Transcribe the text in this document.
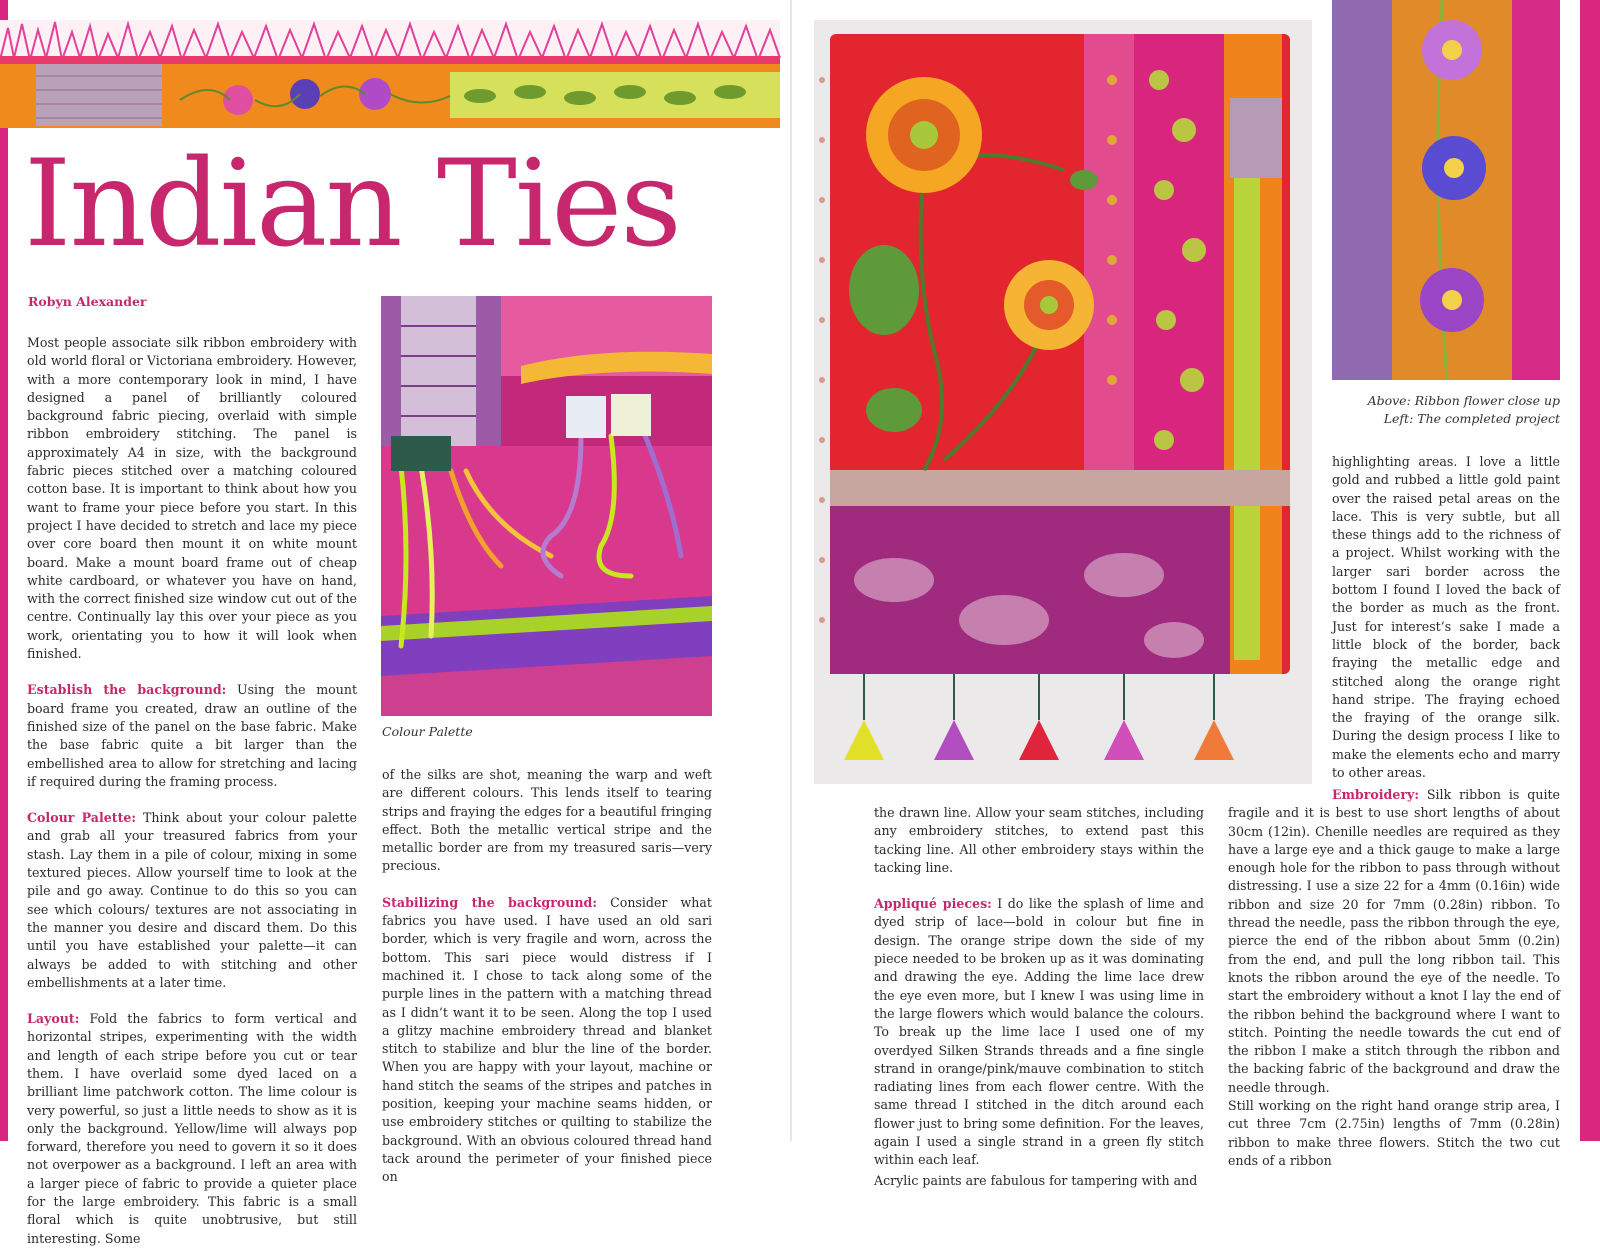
Indian Ties
Robyn Alexander

Most people associate silk ribbon embroidery with old world floral or Victoriana embroidery. However, with a more contemporary look in mind, I have designed a panel of brilliantly coloured background fabric piecing, overlaid with simple ribbon embroidery stitching. The panel is approximately A4 in size, with the background fabric pieces stitched over a matching coloured cotton base. It is important to think about how you want to frame your piece before you start. In this project I have decided to stretch and lace my piece over core board then mount it on white mount board. Make a mount board frame out of cheap white cardboard, or whatever you have on hand, with the correct finished size window cut out of the centre. Continually lay this over your piece as you work, orientating you to how it will look when finished.

Establish the background: Using the mount board frame you created, draw an outline of the finished size of the panel on the base fabric. Make the base fabric quite a bit larger than the embellished area to allow for stretching and lacing if required during the framing process.

Colour Palette: Think about your colour palette and grab all your treasured fabrics from your stash. Lay them in a pile of colour, mixing in some textured pieces. Allow yourself time to look at the pile and go away. Continue to do this so you can see which colours/ textures are not associating in the manner you desire and discard them. Do this until you have established your palette—it can always be added to with stitching and other embellishments at a later time.

Layout: Fold the fabrics to form vertical and horizontal stripes, experimenting with the width and length of each stripe before you cut or tear them. I have overlaid some dyed laced on a brilliant lime patchwork cotton. The lime colour is very powerful, so just a little needs to show as it is only the background. Yellow/lime will always pop forward, therefore you need to govern it so it does not overpower as a background. I left an area with a larger piece of fabric to provide a quieter place for the large embroidery. This fabric is a small floral which is quite unobtrusive, but still interesting. Some

Colour Palette

of the silks are shot, meaning the warp and weft are different colours. This lends itself to tearing strips and fraying the edges for a beautiful fringing effect. Both the metallic vertical stripe and the metallic border are from my treasured saris—very precious.

Stabilizing the background: Consider what fabrics you have used. I have used an old sari border, which is very fragile and worn, across the bottom. This sari piece would distress if I machined it. I chose to tack along some of the purple lines in the pattern with a matching thread as I didn’t want it to be seen. Along the top I used a glitzy machine embroidery thread and blanket stitch to stabilize and blur the line of the border. When you are happy with your layout, machine or hand stitch the seams of the stripes and patches in position, keeping your machine seams hidden, or use embroidery stitches or quilting to stabilize the background. With an obvious coloured thread hand tack around the perimeter of your finished piece on

Above: Ribbon flower close up
Left: The completed project

highlighting areas. I love a little gold and rubbed a little gold paint over the raised petal areas on the lace. This is very subtle, but all these things add to the richness of a project. Whilst working with the larger sari border across the bottom I found I loved the back of the border as much as the front. Just for interest’s sake I made a little block of the border, back fraying the metallic edge and stitched along the orange right hand stripe. The fraying echoed the fraying of the orange silk. During the design process I like to make the elements echo and marry to other areas.

the drawn line. Allow your seam stitches, including any embroidery stitches, to extend past this tacking line. All other embroidery stays within the tacking line.

Appliqué pieces: I do like the splash of lime and dyed strip of lace—bold in colour but fine in design. The orange stripe down the side of my piece needed to be broken up as it was dominating and drawing the eye. Adding the lime lace drew the eye even more, but I knew I was using lime in the large flowers which would balance the colours. To break up the lime lace I used one of my overdyed Silken Strands threads and a fine single strand in orange/pink/mauve combination to stitch radiating lines from each flower centre. With the same thread I stitched in the ditch around each flower just to bring some definition. For the leaves, again I used a single strand in a green fly stitch within each leaf.

Acrylic paints are fabulous for tampering with and

Embroidery: Silk ribbon is quite fragile and it is best to use short lengths of about 30cm (12in). Chenille needles are required as they have a large eye and a thick gauge to make a large enough hole for the ribbon to pass through without distressing. I use a size 22 for a 4mm (0.16in) wide ribbon and size 20 for 7mm (0.28in) ribbon. To thread the needle, pass the ribbon through the eye, pierce the end of the ribbon about 5mm (0.2in) from the end, and pull the long ribbon tail. This knots the ribbon around the eye of the needle. To start the embroidery without a knot I lay the end of the ribbon behind the background where I want to stitch. Pointing the needle towards the cut end of the ribbon I make a stitch through the ribbon and the backing fabric of the background and draw the needle through.

Still working on the right hand orange strip area, I cut three 7cm (2.75in) lengths of 7mm (0.28in) ribbon to make three flowers. Stitch the two cut ends of a ribbon
